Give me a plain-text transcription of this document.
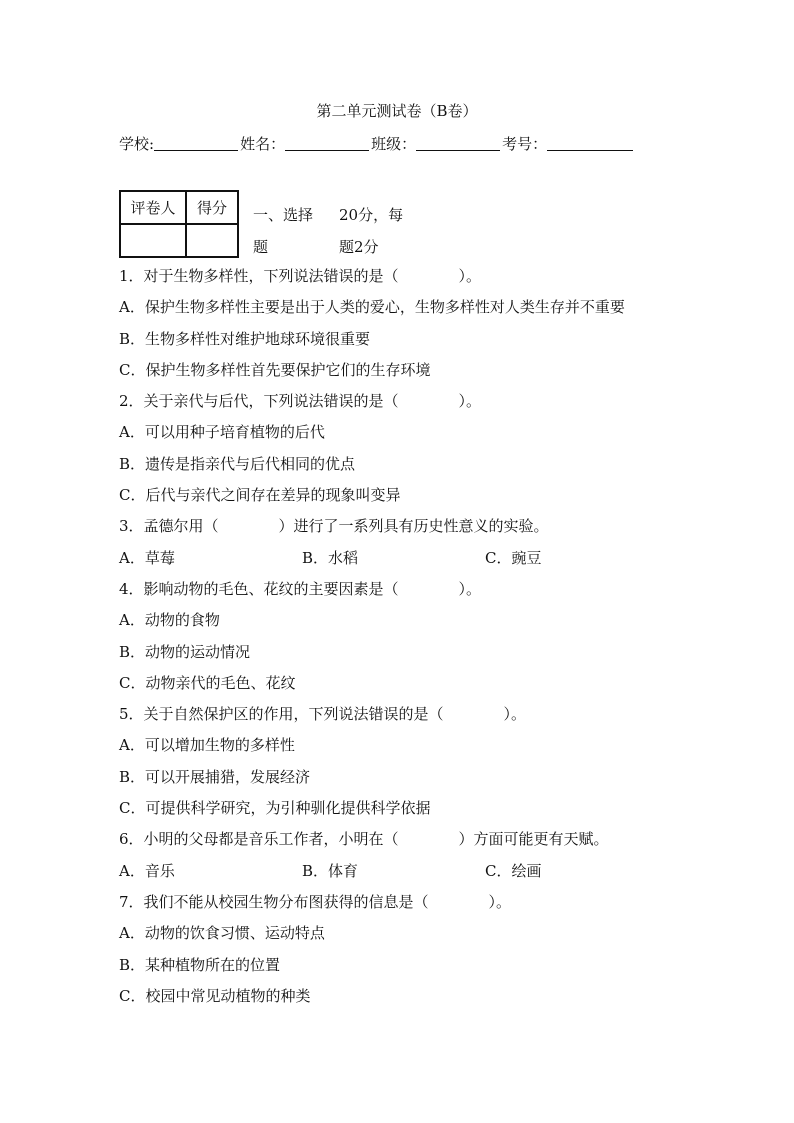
第二单元测试卷（B卷）
学校:	姓名：	班级：	考号：
评卷人	得分
	一、选择 20分，每
题	题2分
1．对于生物多样性，下列说法错误的是（　　　　）。
A．保护生物多样性主要是出于人类的爱心，生物多样性对人类生存并不重要
B．生物多样性对维护地球环境很重要
C．保护生物多样性首先要保护它们的生存环境
2．关于亲代与后代，下列说法错误的是（　　　　）。
A．可以用种子培育植物的后代
B．遗传是指亲代与后代相同的优点
C．后代与亲代之间存在差异的现象叫变异
3．孟德尔用（　　　　）进行了一系列具有历史性意义的实验。
A．草莓	B．水稻	C．豌豆
4．影响动物的毛色、花纹的主要因素是（　　　　）。
A．动物的食物
B．动物的运动情况
C．动物亲代的毛色、花纹
5．关于自然保护区的作用，下列说法错误的是（　　　　）。
A．可以增加生物的多样性
B．可以开展捕猎，发展经济
C．可提供科学研究，为引种驯化提供科学依据
6．小明的父母都是音乐工作者，小明在（　　　　）方面可能更有天赋。
A．音乐	B．体育	C．绘画
7．我们不能从校园生物分布图获得的信息是（　　　　）。
A．动物的饮食习惯、运动特点
B．某种植物所在的位置
C．校园中常见动植物的种类
